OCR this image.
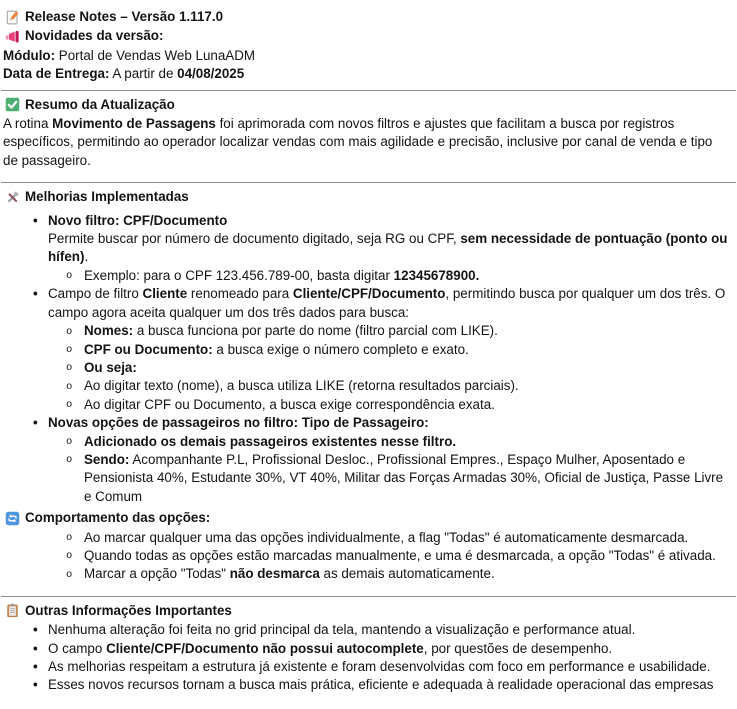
Release Notes – Versão 1.117.0
Novidades da versão:
Módulo: Portal de Vendas Web LunaADM
Data de Entrega: A partir de 04/08/2025
Resumo da Atualização
A rotina Movimento de Passagens foi aprimorada com novos filtros e ajustes que facilitam a busca por registros específicos, permitindo ao operador localizar vendas com mais agilidade e precisão, inclusive por canal de venda e tipo de passageiro.
Melhorias Implementadas
• Novo filtro: CPF/Documento
Permite buscar por número de documento digitado, seja RG ou CPF, sem necessidade de pontuação (ponto ou hífen).
o Exemplo: para o CPF 123.456.789-00, basta digitar 12345678900.
• Campo de filtro Cliente renomeado para Cliente/CPF/Documento, permitindo busca por qualquer um dos três. O campo agora aceita qualquer um dos três dados para busca:
o Nomes: a busca funciona por parte do nome (filtro parcial com LIKE).
o CPF ou Documento: a busca exige o número completo e exato.
o Ou seja:
o Ao digitar texto (nome), a busca utiliza LIKE (retorna resultados parciais).
o Ao digitar CPF ou Documento, a busca exige correspondência exata.
• Novas opções de passageiros no filtro: Tipo de Passageiro:
o Adicionado os demais passageiros existentes nesse filtro.
o Sendo: Acompanhante P.L, Profissional Desloc., Profissional Empres., Espaço Mulher, Aposentado e Pensionista 40%, Estudante 30%, VT 40%, Militar das Forças Armadas 30%, Oficial de Justiça, Passe Livre e Comum
Comportamento das opções:
o Ao marcar qualquer uma das opções individualmente, a flag "Todas" é automaticamente desmarcada.
o Quando todas as opções estão marcadas manualmente, e uma é desmarcada, a opção "Todas" é ativada.
o Marcar a opção "Todas" não desmarca as demais automaticamente.
Outras Informações Importantes
• Nenhuma alteração foi feita no grid principal da tela, mantendo a visualização e performance atual.
• O campo Cliente/CPF/Documento não possui autocomplete, por questões de desempenho.
• As melhorias respeitam a estrutura já existente e foram desenvolvidas com foco em performance e usabilidade.
• Esses novos recursos tornam a busca mais prática, eficiente e adequada à realidade operacional das empresas
